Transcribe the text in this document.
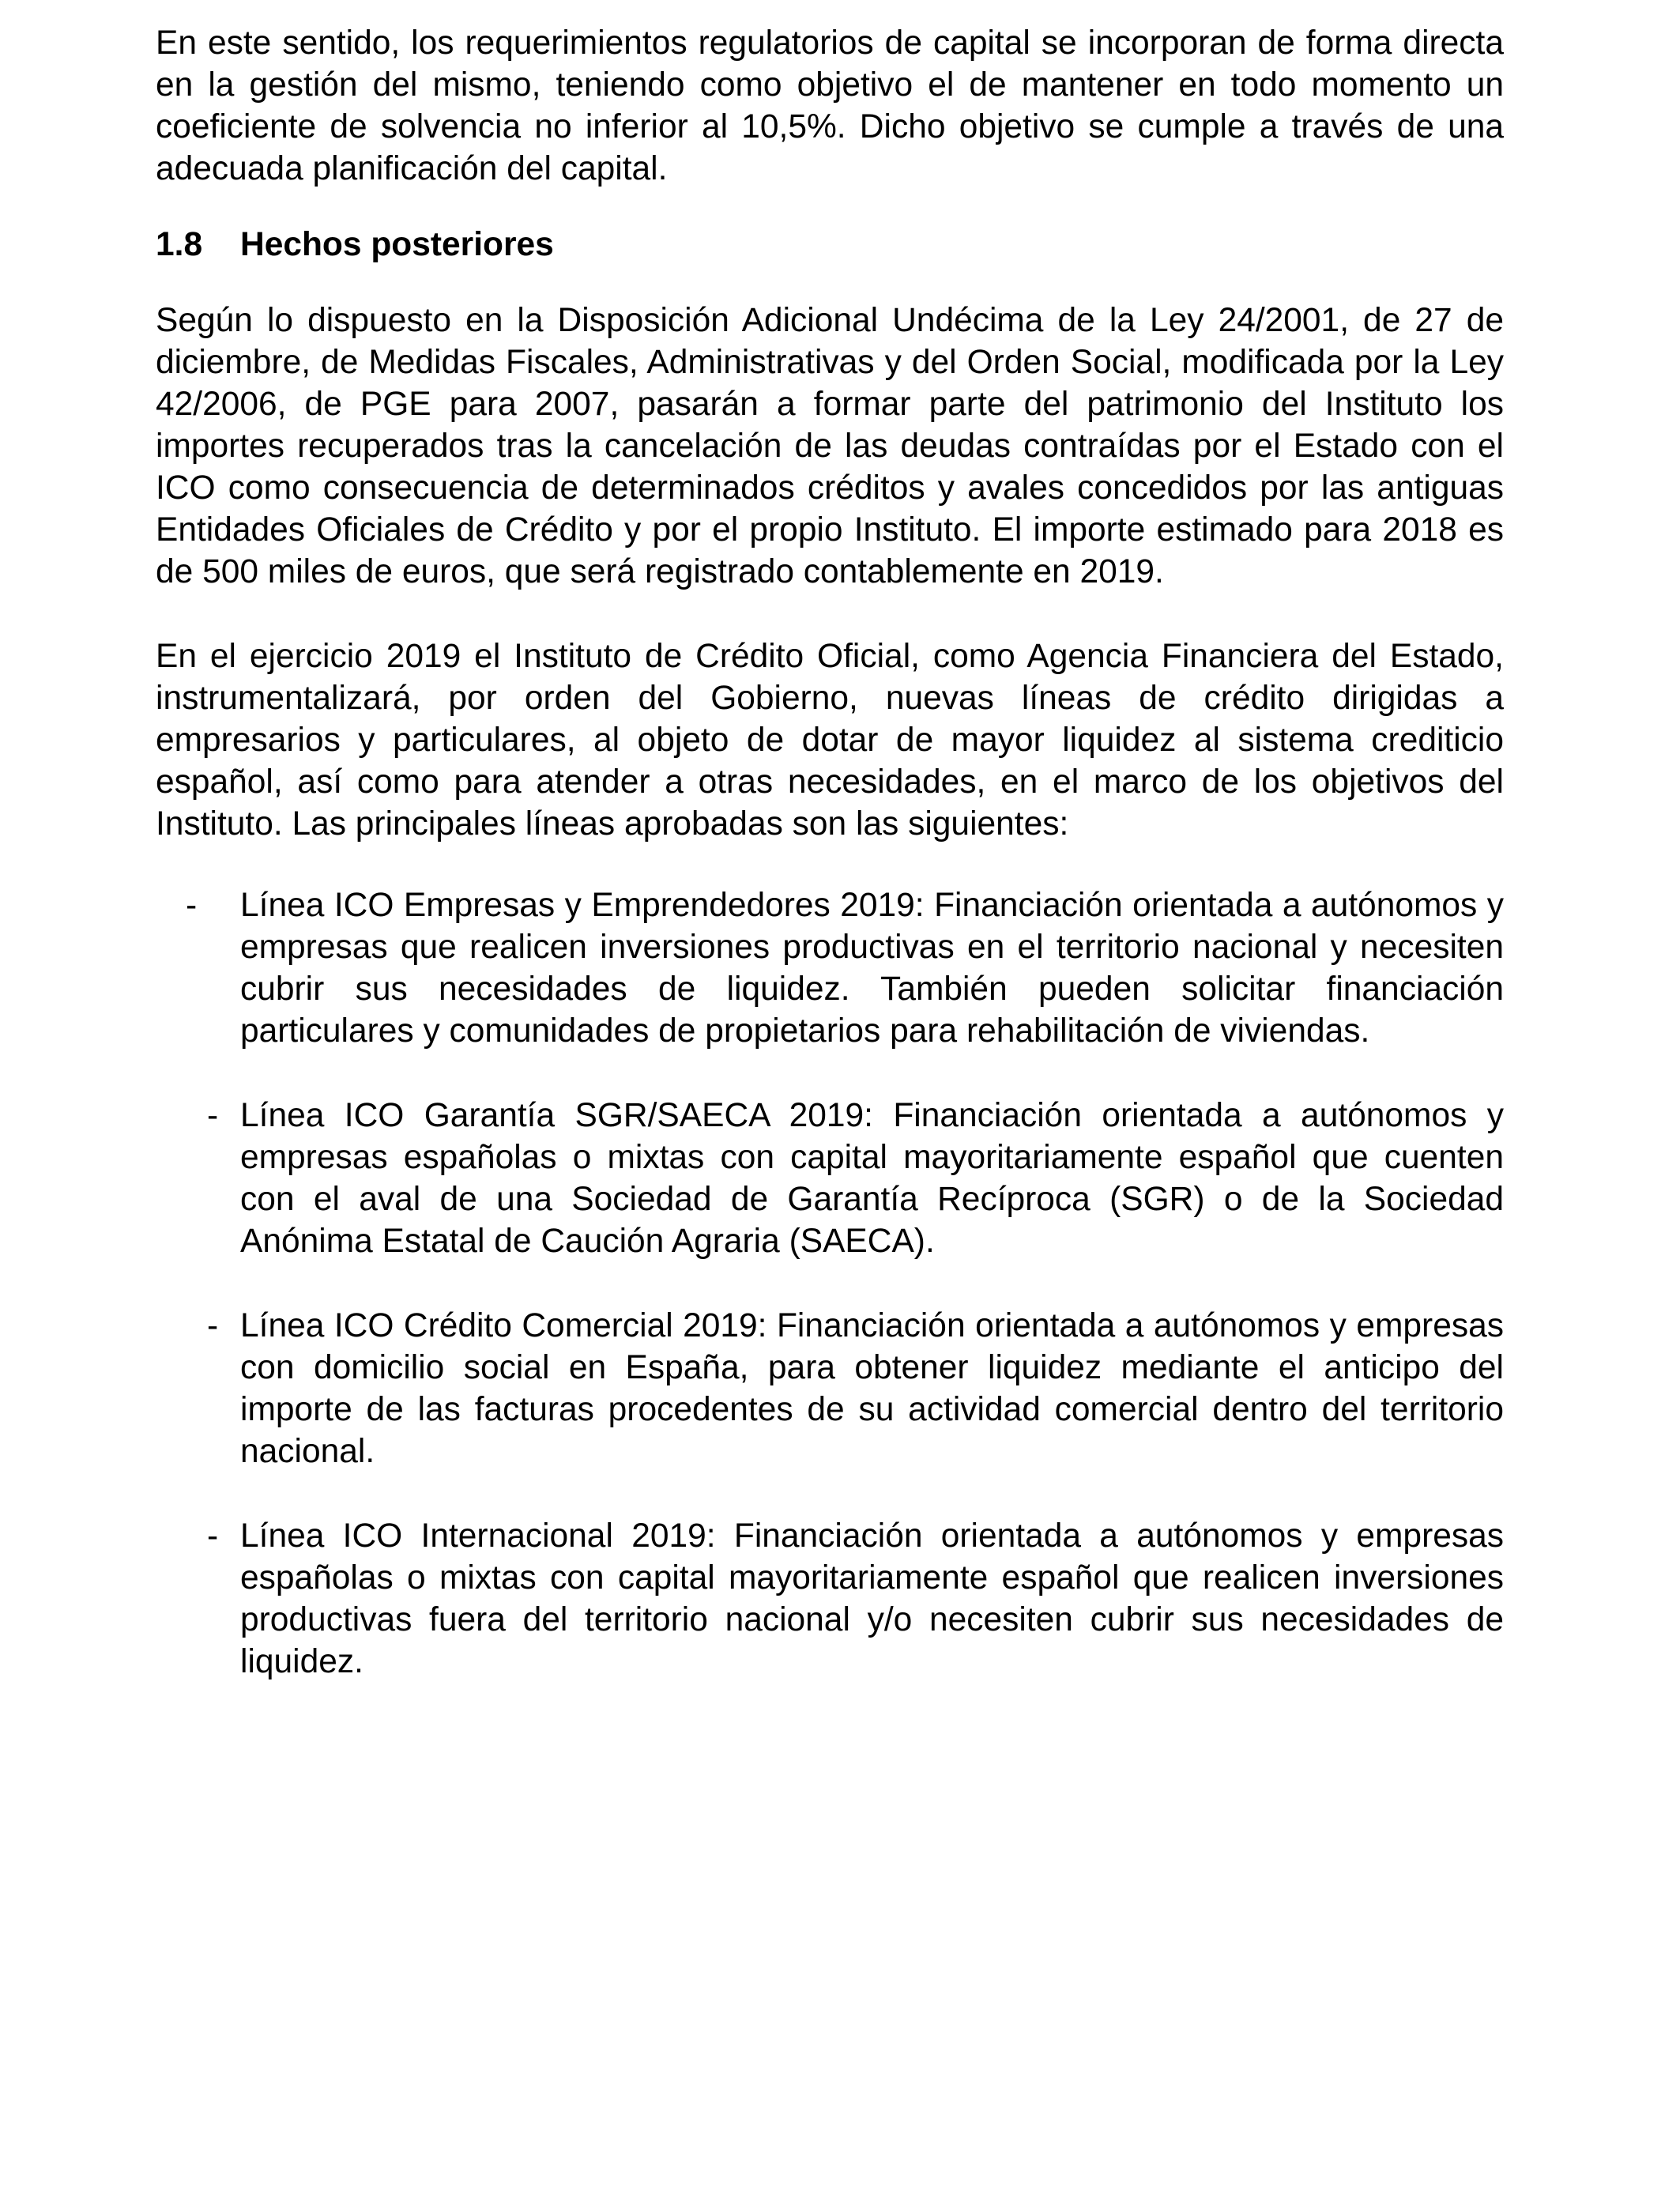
En este sentido, los requerimientos regulatorios de capital se incorporan de forma directa en la gestión del mismo, teniendo como objetivo el de mantener en todo momento un coeficiente de solvencia no inferior al 10,5%. Dicho objetivo se cumple a través de una adecuada planificación del capital.

1.8 Hechos posteriores

Según lo dispuesto en la Disposición Adicional Undécima de la Ley 24/2001, de 27 de diciembre, de Medidas Fiscales, Administrativas y del Orden Social, modificada por la Ley 42/2006, de PGE para 2007, pasarán a formar parte del patrimonio del Instituto los importes recuperados tras la cancelación de las deudas contraídas por el Estado con el ICO como consecuencia de determinados créditos y avales concedidos por las antiguas Entidades Oficiales de Crédito y por el propio Instituto. El importe estimado para 2018 es de 500 miles de euros, que será registrado contablemente en 2019.

En el ejercicio 2019 el Instituto de Crédito Oficial, como Agencia Financiera del Estado, instrumentalizará, por orden del Gobierno, nuevas líneas de crédito dirigidas a empresarios y particulares, al objeto de dotar de mayor liquidez al sistema crediticio español, así como para atender a otras necesidades, en el marco de los objetivos del Instituto. Las principales líneas aprobadas son las siguientes:

- Línea ICO Empresas y Emprendedores 2019: Financiación orientada a autónomos y empresas que realicen inversiones productivas en el territorio nacional y necesiten cubrir sus necesidades de liquidez. También pueden solicitar financiación particulares y comunidades de propietarios para rehabilitación de viviendas.
- Línea ICO Garantía SGR/SAECA 2019: Financiación orientada a autónomos y empresas españolas o mixtas con capital mayoritariamente español que cuenten con el aval de una Sociedad de Garantía Recíproca (SGR) o de la Sociedad Anónima Estatal de Caución Agraria (SAECA).
- Línea ICO Crédito Comercial 2019: Financiación orientada a autónomos y empresas con domicilio social en España, para obtener liquidez mediante el anticipo del importe de las facturas procedentes de su actividad comercial dentro del territorio nacional.
- Línea ICO Internacional 2019: Financiación orientada a autónomos y empresas españolas o mixtas con capital mayoritariamente español que realicen inversiones productivas fuera del territorio nacional y/o necesiten cubrir sus necesidades de liquidez.
